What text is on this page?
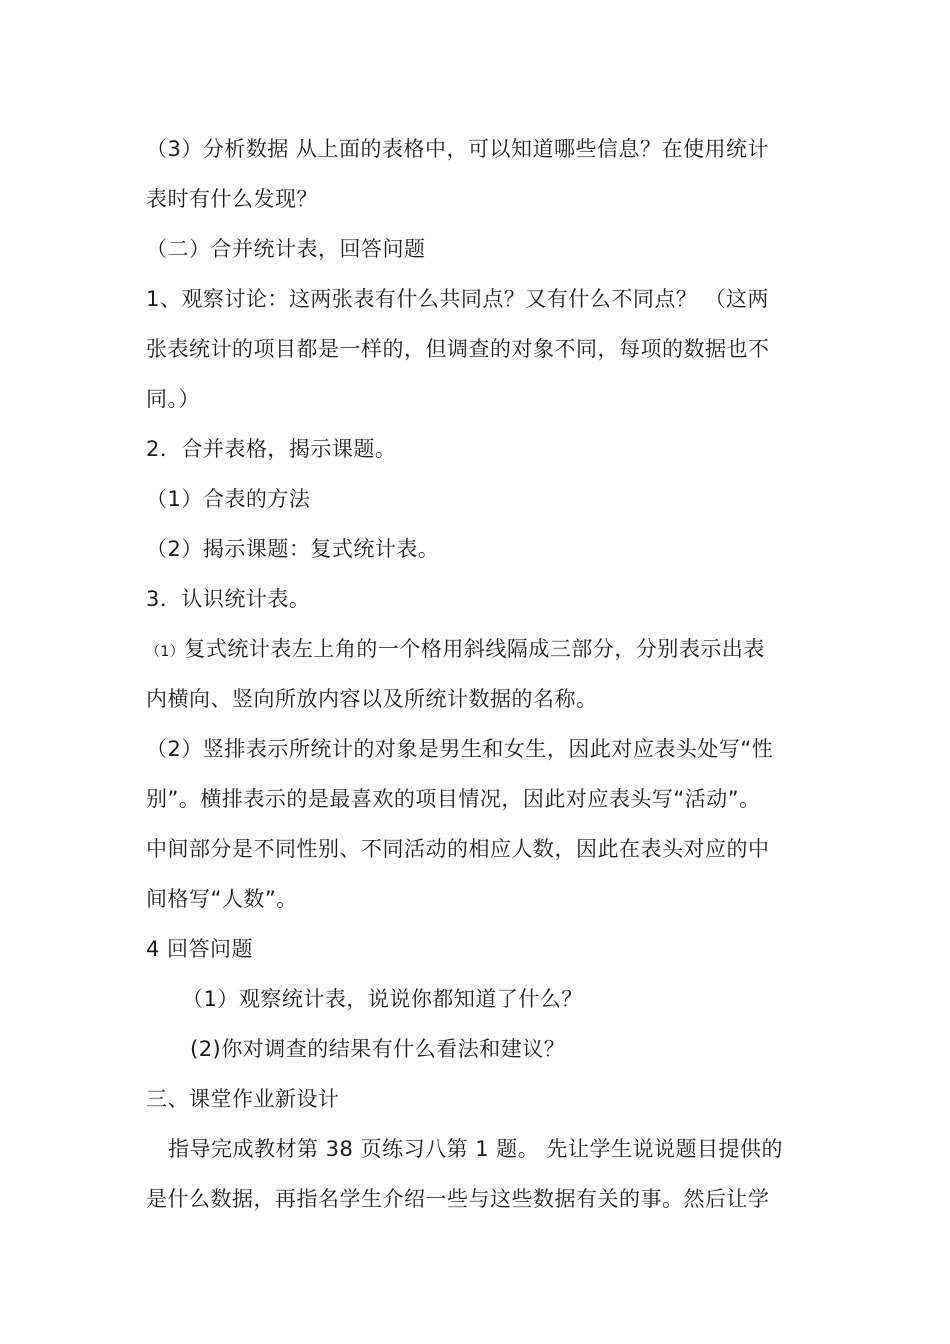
（3）分析数据 从上面的表格中，可以知道哪些信息？在使用统计
表时有什么发现？
（二）合并统计表，回答问题
1、观察讨论：这两张表有什么共同点？又有什么不同点？ （这两
张表统计的项目都是一样的，但调查的对象不同，每项的数据也不
同。）
2．合并表格，揭示课题。
（1）合表的方法
（2）揭示课题：复式统计表。
3．认识统计表。
（1）复式统计表左上角的一个格用斜线隔成三部分，分别表示出表
内横向、竖向所放内容以及所统计数据的名称。
（2）竖排表示所统计的对象是男生和女生，因此对应表头处写“性
别”。横排表示的是最喜欢的项目情况，因此对应表头写“活动”。
中间部分是不同性别、不同活动的相应人数，因此在表头对应的中
间格写“人数”。
4 回答问题
（1）观察统计表，说说你都知道了什么？
(2)你对调查的结果有什么看法和建议？
三、课堂作业新设计
指导完成教材第 38 页练习八第 1 题。 先让学生说说题目提供的
是什么数据，再指名学生介绍一些与这些数据有关的事。然后让学
